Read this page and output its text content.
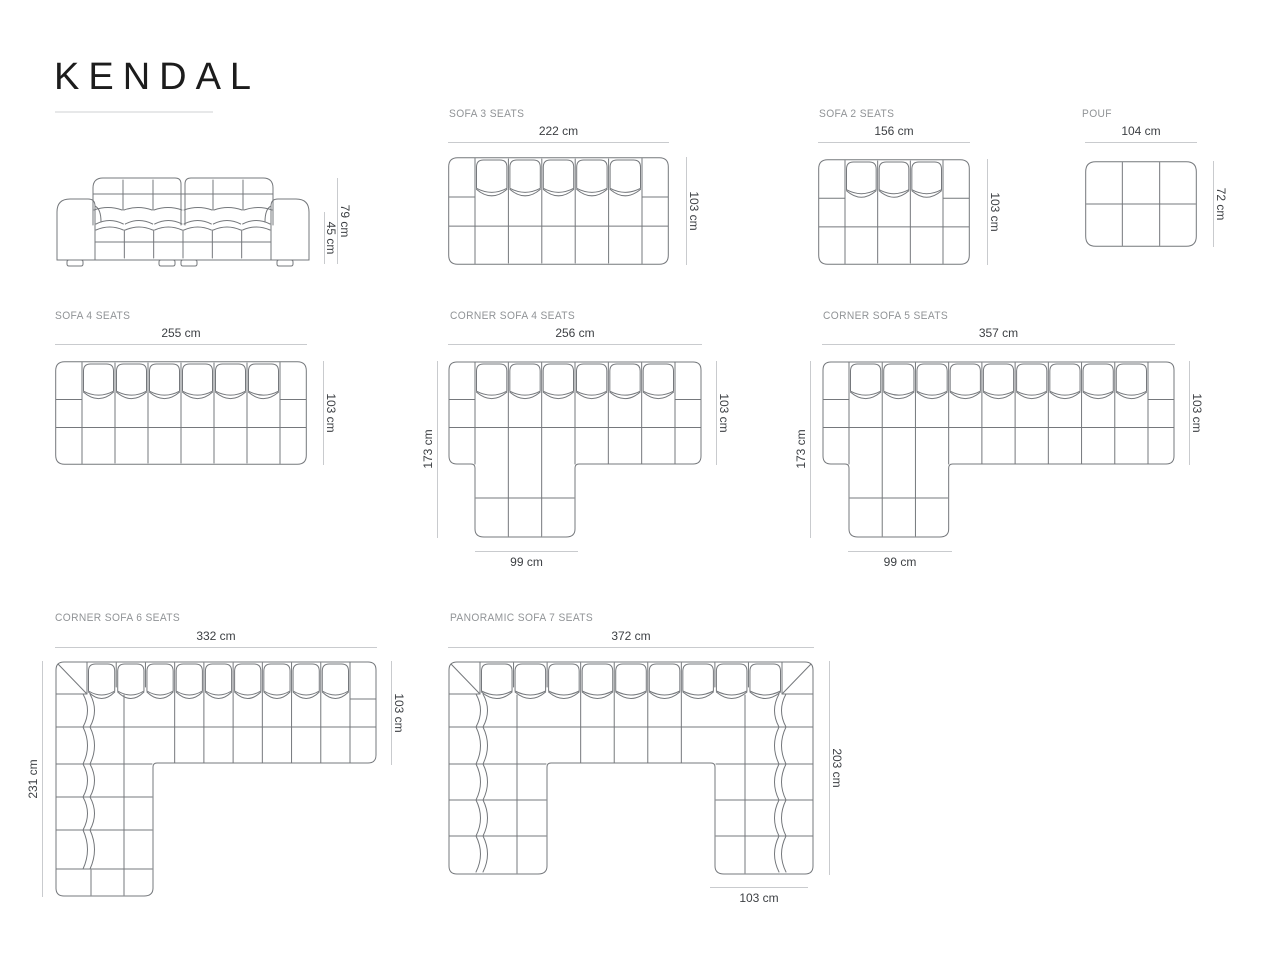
KENDAL
79 cm
45 cm
SOFA 3 SEATS
222 cm
103 cm
SOFA 2 SEATS
156 cm
103 cm
POUF
104 cm
72 cm
SOFA 4 SEATS
255 cm
103 cm
CORNER SOFA 4 SEATS
256 cm
173 cm
103 cm
99 cm
CORNER SOFA 5 SEATS
357 cm
173 cm
103 cm
99 cm
CORNER SOFA 6 SEATS
332 cm
231 cm
103 cm
PANORAMIC SOFA 7 SEATS
372 cm
203 cm
103 cm
